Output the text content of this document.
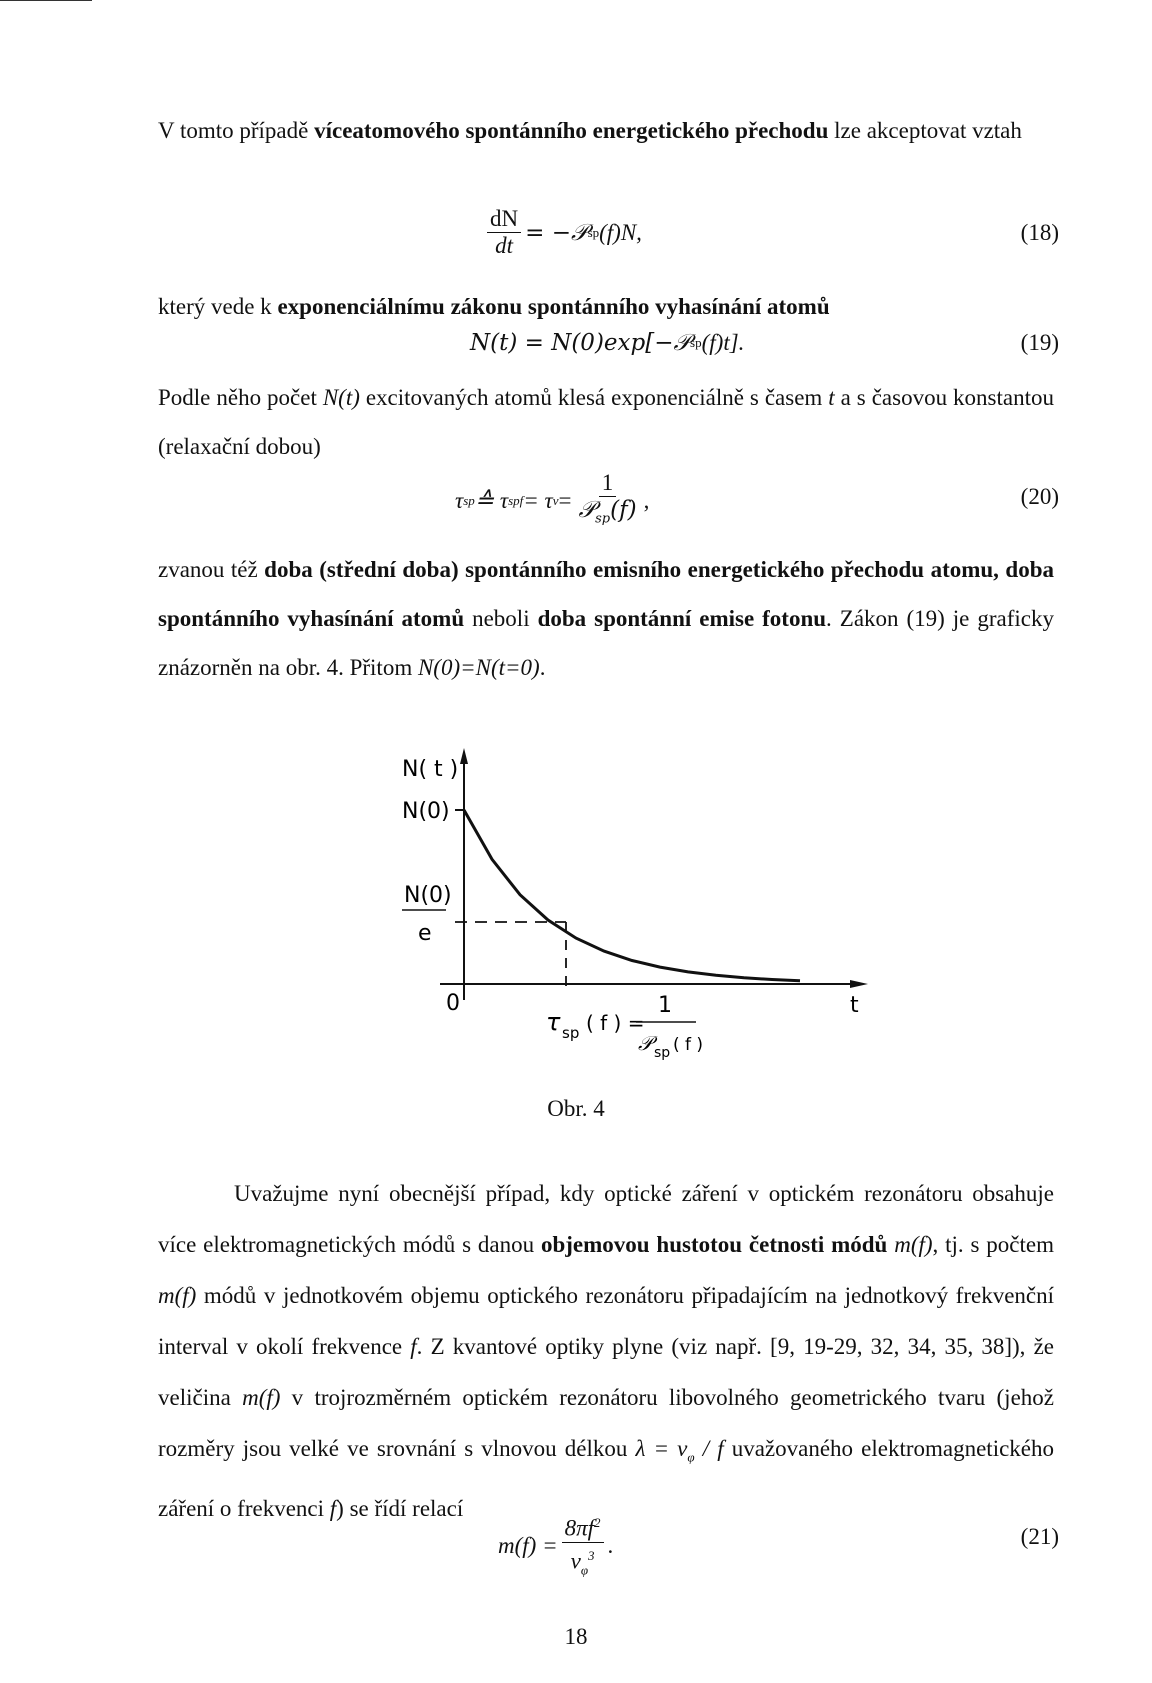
V tomto případě víceatomového spontánního energetického přechodu lze akceptovat vztah
$\frac{dN}{dt}$ = −𝒫 sp (f)N,	(18)
který vede k exponenciálnímu zákonu spontánního vyhasínání atomů
N(t) = N(0)exp[−𝒫 sp (f)t].	(19)
Podle něho počet N(t) excitovaných atomů klesá exponenciálně s časem t a s časovou konstantou (relaxační dobou)
τ sp ≙ τ spf = τ $v = \frac{1}{𝒫_{sp}(f)}$ ,	(20)
zvanou též doba (střední doba) spontánního emisního energetického přechodu atomu, doba spontánního vyhasínání atomů neboli doba spontánní emise fotonu. Zákon (19) je graficky znázorněn na obr. 4. Přitom N(0)=N(t=0).
N( t )
N(0)
N(0)
e
0	t
τ sp ( f ) =
1
𝒫 sp ( f )
Obr. 4
Uvažujme nyní obecnější případ, kdy optické záření v optickém rezonátoru obsahuje více elektromagnetických módů s danou objemovou hustotou četnosti módů m(f), tj. s počtem m(f) módů v jednotkovém objemu optického rezonátoru připadajícím na jednotkový frekvenční interval v okolí frekvence f. Z kvantové optiky plyne (viz např. [9, 19-29, 32, 34, 35, 38]), že veličina m(f) v trojrozměrném optickém rezonátoru libovolného geometrického tvaru (jehož rozměry jsou velké ve srovnání s vlnovou délkou $\lambda = v_\varphi / f$ uvažovaného elektromagnetického záření o frekvenci f) se řídí relací
$m(f) = \frac{8\pi f^2}{v_\varphi^3}$ .	(21)
18
